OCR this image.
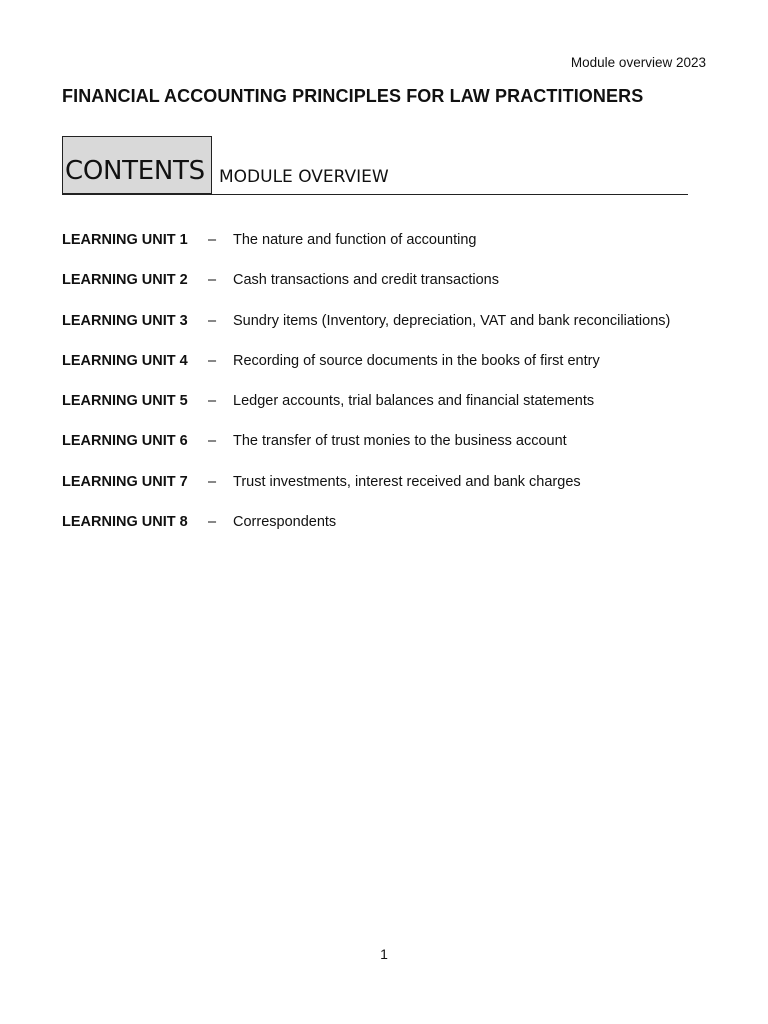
Module overview 2023
FINANCIAL ACCOUNTING PRINCIPLES FOR LAW PRACTITIONERS
CONTENTS MODULE OVERVIEW
LEARNING UNIT 1 – The nature and function of accounting
LEARNING UNIT 2 – Cash transactions and credit transactions
LEARNING UNIT 3 – Sundry items (Inventory, depreciation, VAT and bank reconciliations)
LEARNING UNIT 4 – Recording of source documents in the books of first entry
LEARNING UNIT 5 – Ledger accounts, trial balances and financial statements
LEARNING UNIT 6 – The transfer of trust monies to the business account
LEARNING UNIT 7 – Trust investments, interest received and bank charges
LEARNING UNIT 8 – Correspondents
1
